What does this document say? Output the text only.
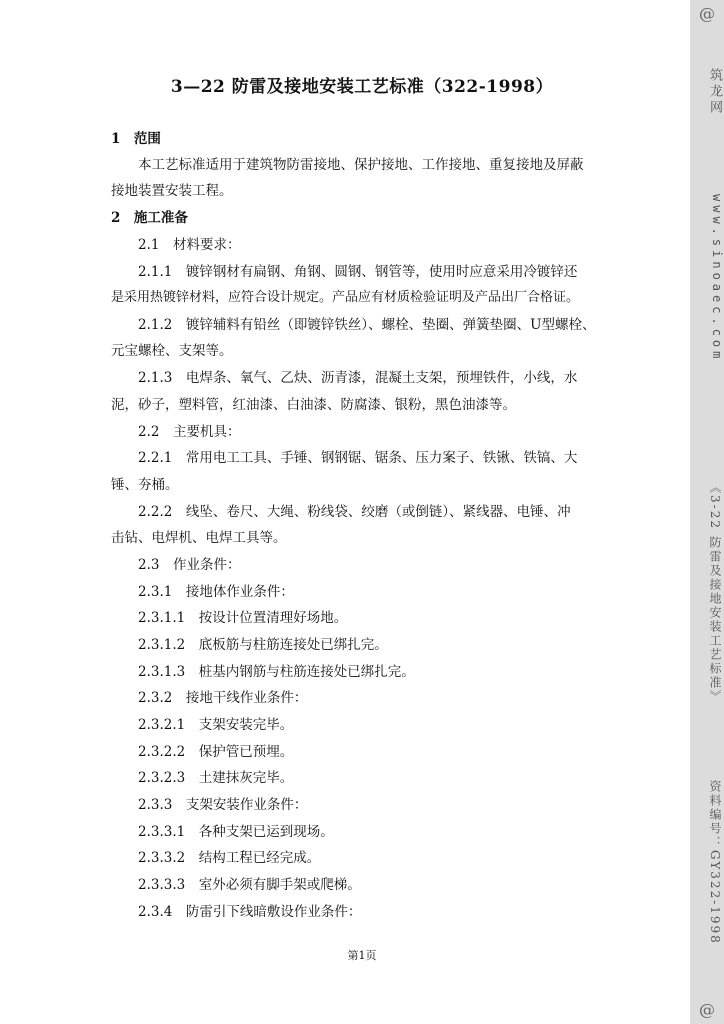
3—22 防雷及接地安装工艺标准（322-1998）
1　范围
本工艺标准适用于建筑物防雷接地、保护接地、工作接地、重复接地及屏蔽
接地装置安装工程。
2　施工准备
2.1　材料要求：
2.1.1　镀锌钢材有扁钢、角钢、圆钢、钢管等，使用时应意采用冷镀锌还
是采用热镀锌材料，应符合设计规定。产品应有材质检验证明及产品出厂合格证。
2.1.2　镀锌辅料有铅丝（即镀锌铁丝）、螺栓、垫圈、弹簧垫圈、U型螺栓、
元宝螺栓、支架等。
2.1.3　电焊条、氧气、乙炔、沥青漆，混凝土支架，预埋铁件，小线，水
泥，砂子，塑料管，红油漆、白油漆、防腐漆、银粉，黑色油漆等。
2.2　主要机具：
2.2.1　常用电工工具、手锤、钢钢锯、锯条、压力案子、铁锹、铁镐、大
锤、夯桶。
2.2.2　线坠、卷尺、大绳、粉线袋、绞磨（或倒链）、紧线器、电锤、冲
击钻、电焊机、电焊工具等。
2.3　作业条件：
2.3.1　接地体作业条件：
2.3.1.1　按设计位置清理好场地。
2.3.1.2　底板筋与柱筋连接处已绑扎完。
2.3.1.3　桩基内钢筋与柱筋连接处已绑扎完。
2.3.2　接地干线作业条件：
2.3.2.1　支架安装完毕。
2.3.2.2　保护管已预埋。
2.3.2.3　土建抹灰完毕。
2.3.3　支架安装作业条件：
2.3.3.1　各种支架已运到现场。
2.3.3.2　结构工程已经完成。
2.3.3.3　室外必须有脚手架或爬梯。
2.3.4　防雷引下线暗敷设作业条件：
第1页
@
筑龙网
www.sinoaec.com
《3-22 防雷及接地安装工艺标准》
资料编号：GY322-1998
@
